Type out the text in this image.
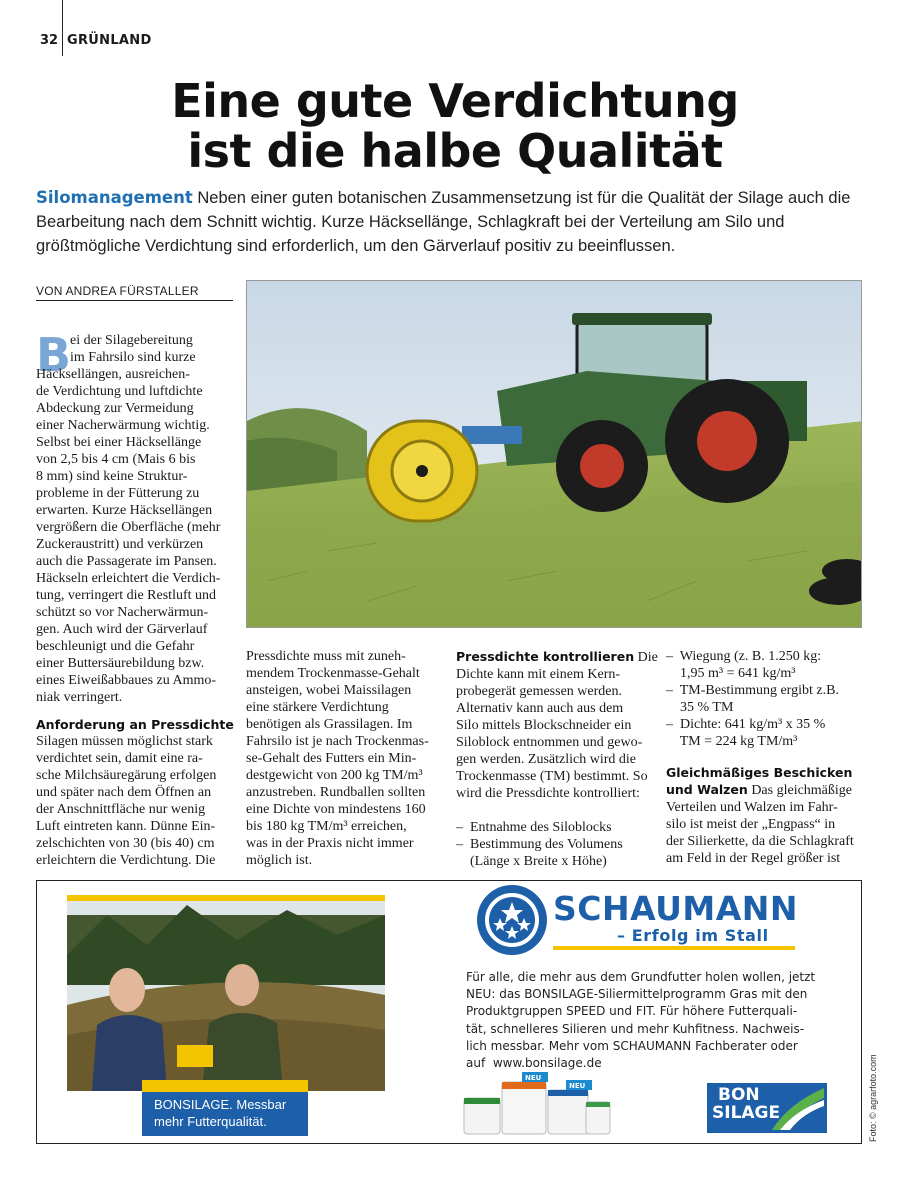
32 GRÜNLAND
Eine gute Verdichtung
ist die halbe Qualität
Silomanagement Neben einer guten botanischen Zusammensetzung ist für die Qualität der Silage auch die Bearbeitung nach dem Schnitt wichtig. Kurze Häcksellänge, Schlagkraft bei der Verteilung am Silo und größtmögliche Verdichtung sind erforderlich, um den Gärverlauf positiv zu beeinflussen.
VON ANDREA FÜRSTALLER
B
ei der Silagebereitung
im Fahrsilo sind kurze
Häcksellängen, ausreichen-
de Verdichtung und luftdichte
Abdeckung zur Vermeidung
einer Nacherwärmung wichtig.
Selbst bei einer Häcksellänge
von 2,5 bis 4 cm (Mais 6 bis
8 mm) sind keine Struktur-
probleme in der Fütterung zu
erwarten. Kurze Häcksellängen
vergrößern die Oberfläche (mehr
Zuckeraustritt) und verkürzen
auch die Passagerate im Pansen.
Häckseln erleichtert die Verdich-
tung, verringert die Restluft und
schützt so vor Nacherwärmun-
gen. Auch wird der Gärverlauf
beschleunigt und die Gefahr
einer Buttersäurebildung bzw.
eines Eiweißabbaues zu Ammo-
niak verringert.
Anforderung an Pressdichte
Silagen müssen möglichst stark
verdichtet sein, damit eine ra-
sche Milchsäuregärung erfolgen
und später nach dem Öffnen an
der Anschnittfläche nur wenig
Luft eintreten kann. Dünne Ein-
zelschichten von 30 (bis 40) cm
erleichtern die Verdichtung. Die
Pressdichte muss mit zuneh-
mendem Trockenmasse-Gehalt
ansteigen, wobei Maissilagen
eine stärkere Verdichtung
benötigen als Grassilagen. Im
Fahrsilo ist je nach Trockenmas-
se-Gehalt des Futters ein Min-
destgewicht von 200 kg TM/m³
anzustreben. Rundballen sollten
eine Dichte von mindestens 160
bis 180 kg TM/m³ erreichen,
was in der Praxis nicht immer
möglich ist.
Pressdichte kontrollieren Die
Dichte kann mit einem Kern-
probegerät gemessen werden.
Alternativ kann auch aus dem
Silo mittels Blockschneider ein
Siloblock entnommen und gewo-
gen werden. Zusätzlich wird die
Trockenmasse (TM) bestimmt. So
wird die Pressdichte kontrolliert:
–  Entnahme des Siloblocks
–  Bestimmung des Volumens
(Länge x Breite x Höhe)
–  Wiegung (z. B. 1.250 kg:
1,95 m³ = 641 kg/m³
–  TM-Bestimmung ergibt z.B.
35 % TM
–  Dichte: 641 kg/m³ x 35 %
TM = 224 kg TM/m³
Gleichmäßiges Beschicken
und Walzen Das gleichmäßige
Verteilen und Walzen im Fahr-
silo ist meist der „Engpass“ in
der Silierkette, da die Schlagkraft
am Feld in der Regel größer ist
BONSILAGE. Messbar
mehr Futterqualität.
SCHAUMANN
– Erfolg im Stall
Für alle, die mehr aus dem Grundfutter holen wollen, jetzt
NEU: das BONSILAGE-Siliermittelprogramm Gras mit den
Produktgruppen SPEED und FIT. Für höhere Futterquali-
tät, schnelleres Silieren und mehr Kuhfitness. Nachweis-
lich messbar. Mehr vom SCHAUMANN Fachberater oder
auf  www.bonsilage.de
NEU
NEU	BON
SILAGE	Foto: © agrarfoto.com
